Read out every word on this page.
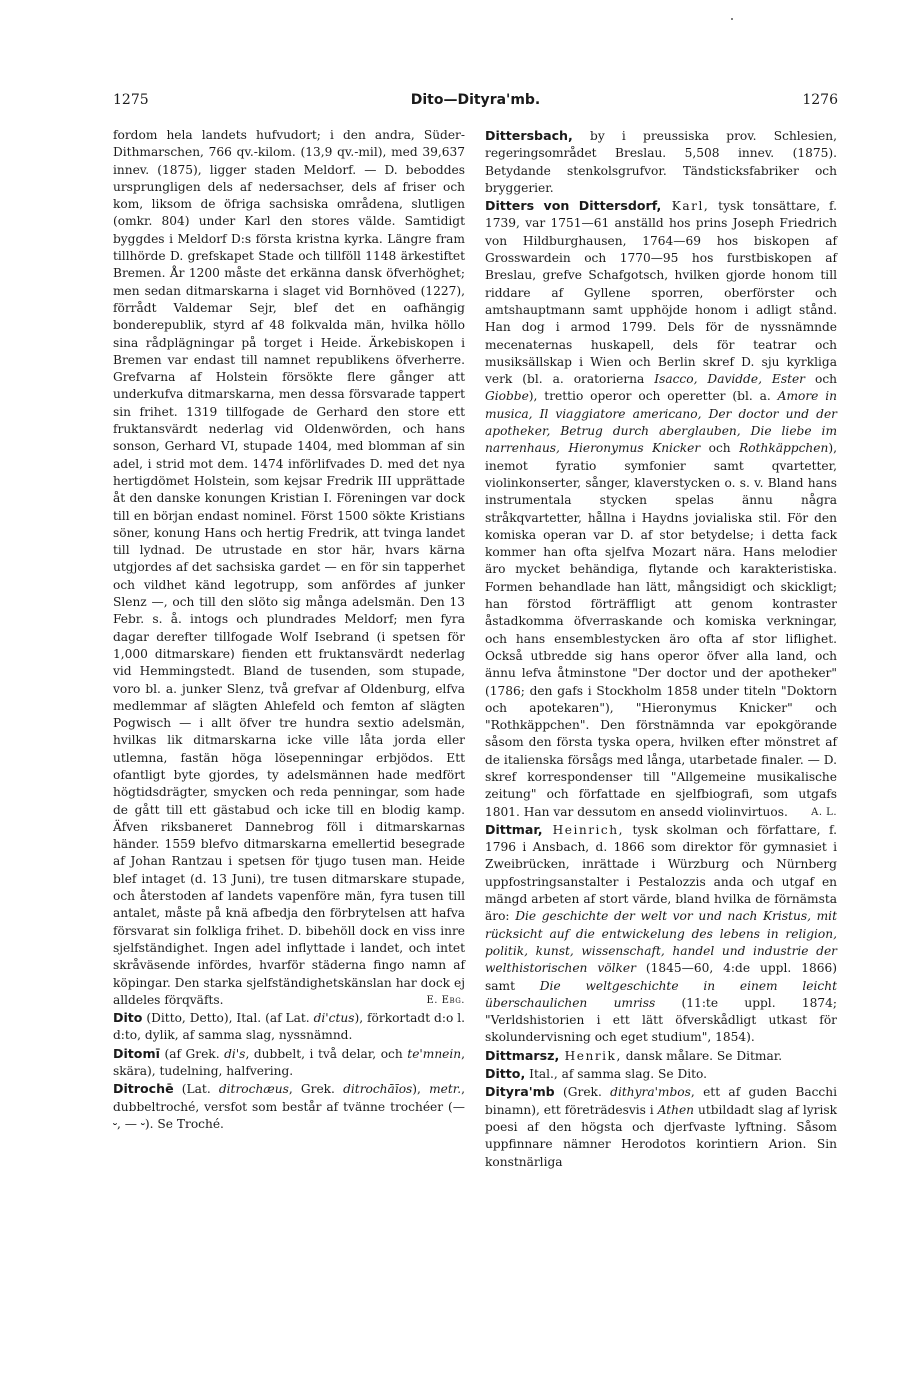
1275	Dito—Dityra'mb.	1276

fordom hela landets hufvudort; i den andra, Süder-Dithmarschen, 766 qv.-kilom. (13,9 qv.-mil), med 39,637 innev. (1875), ligger staden Meldorf. — D. beboddes ursprungligen dels af nedersachser, dels af friser och kom, liksom de öfriga sachsiska områdena, slutligen (omkr. 804) under Karl den stores välde. Samtidigt byggdes i Meldorf D:s första kristna kyrka. Längre fram tillhörde D. grefskapet Stade och tillföll 1148 ärkestiftet Bremen. År 1200 måste det erkänna dansk öfverhöghet; men sedan ditmarskarna i slaget vid Bornhöved (1227), förrådt Valdemar Sejr, blef det en oafhängig bonderepublik, styrd af 48 folkvalda män, hvilka höllo sina rådplägningar på torget i Heide. Ärkebiskopen i Bremen var endast till namnet republikens öfverherre. Grefvarna af Holstein försökte flere gånger att underkufva ditmarskarna, men dessa försvarade tappert sin frihet. 1319 tillfogade de Gerhard den store ett fruktansvärdt nederlag vid Oldenwörden, och hans sonson, Gerhard VI, stupade 1404, med blomman af sin adel, i strid mot dem. 1474 införlifvades D. med det nya hertigdömet Holstein, som kejsar Fredrik III upprättade åt den danske konungen Kristian I. Föreningen var dock till en början endast nominel. Först 1500 sökte Kristians söner, konung Hans och hertig Fredrik, att tvinga landet till lydnad. De utrustade en stor här, hvars kärna utgjordes af det sachsiska gardet — en för sin tapperhet och vildhet känd legotrupp, som anfördes af junker Slenz —, och till den slöto sig många adelsmän. Den 13 Febr. s. å. intogs och plundrades Meldorf; men fyra dagar derefter tillfogade Wolf Isebrand (i spetsen för 1,000 ditmarskare) fienden ett fruktansvärdt nederlag vid Hemmingstedt. Bland de tusenden, som stupade, voro bl. a. junker Slenz, två grefvar af Oldenburg, elfva medlemmar af slägten Ahlefeld och femton af slägten Pogwisch — i allt öfver tre hundra sextio adelsmän, hvilkas lik ditmarskarna icke ville låta jorda eller utlemna, fastän höga lösepenningar erbjödos. Ett ofantligt byte gjordes, ty adelsmännen hade medfört högtidsdrägter, smycken och reda penningar, som hade de gått till ett gästabud och icke till en blodig kamp. Äfven riksbaneret Dannebrog föll i ditmarskarnas händer. 1559 blefvo ditmarskarna emellertid besegrade af Johan Rantzau i spetsen för tjugo tusen man. Heide blef intaget (d. 13 Juni), tre tusen ditmarskare stupade, och återstoden af landets vapenföre män, fyra tusen till antalet, måste på knä afbedja den förbrytelsen att hafva försvarat sin folkliga frihet. D. bibehöll dock en viss inre sjelfständighet. Ingen adel inflyttade i landet, och intet skråväsende infördes, hvarför städerna fingo namn af köpingar. Den starka sjelfständighetskänslan har dock ej alldeles förqväfts.	E. Ebg.

Dito (Ditto, Detto), Ital. (af Lat. di'ctus), förkortadt d:o l. d:to, dylik, af samma slag, nyssnämnd.

Ditomī (af Grek. di's, dubbelt, i två delar, och te'mnein, skära), tudelning, halfvering.

Ditrochē (Lat. ditrochæus, Grek. ditrochāīos), metr., dubbeltroché, versfot som består af tvänne trochéer (— ⏑, — ⏑). Se Troché.

Dittersbach, by i preussiska prov. Schlesien, regeringsområdet Breslau. 5,508 innev. (1875). Betydande stenkolsgrufvor. Tändsticksfabriker och bryggerier.

Ditters von Dittersdorf, Karl, tysk tonsättare, f. 1739, var 1751—61 anställd hos prins Joseph Friedrich von Hildburghausen, 1764—69 hos biskopen af Grosswardein och 1770—95 hos furstbiskopen af Breslau, grefve Schafgotsch, hvilken gjorde honom till riddare af Gyllene sporren, oberförster och amtshauptmann samt upphöjde honom i adligt stånd. Han dog i armod 1799. Dels för de nyssnämnde mecenaternas huskapell, dels för teatrar och musiksällskap i Wien och Berlin skref D. sju kyrkliga verk (bl. a. oratorierna Isacco, Davidde, Ester och Giobbe), trettio operor och operetter (bl. a. Amore in musica, Il viaggiatore americano, Der doctor und der apotheker, Betrug durch aberglauben, Die liebe im narrenhaus, Hieronymus Knicker och Rothkäppchen), inemot fyratio symfonier samt qvartetter, violinkonserter, sånger, klaverstycken o. s. v. Bland hans instrumentala stycken spelas ännu några stråkqvartetter, hållna i Haydns jovialiska stil. För den komiska operan var D. af stor betydelse; i detta fack kommer han ofta sjelfva Mozart nära. Hans melodier äro mycket behändiga, flytande och karakteristiska. Formen behandlade han lätt, mångsidigt och skickligt; han förstod förträffligt att genom kontraster åstadkomma öfverraskande och komiska verkningar, och hans ensemblestycken äro ofta af stor liflighet. Också utbredde sig hans operor öfver alla land, och ännu lefva åtminstone "Der doctor und der apotheker" (1786; den gafs i Stockholm 1858 under titeln "Doktorn och apotekaren"), "Hieronymus Knicker" och "Rothkäppchen". Den förstnämnda var epokgörande såsom den första tyska opera, hvilken efter mönstret af de italienska försågs med långa, utarbetade finaler. — D. skref korrespondenser till "Allgemeine musikalische zeitung" och författade en sjelfbiografi, som utgafs 1801. Han var dessutom en ansedd violinvirtuos. A. L.

Dittmar, Heinrich, tysk skolman och författare, f. 1796 i Ansbach, d. 1866 som direktor för gymnasiet i Zweibrücken, inrättade i Würzburg och Nürnberg uppfostringsanstalter i Pestalozzis anda och utgaf en mängd arbeten af stort värde, bland hvilka de förnämsta äro: Die geschichte der welt vor und nach Kristus, mit rücksicht auf die entwickelung des lebens in religion, politik, kunst, wissenschaft, handel und industrie der welthistorischen völker (1845—60, 4:de uppl. 1866) samt Die weltgeschichte in einem leicht überschaulichen umriss (11:te uppl. 1874; "Verldshistorien i ett lätt öfverskådligt utkast för skolundervisning och eget studium", 1854).

Dittmarsz, Henrik, dansk målare. Se Ditmar.

Ditto, Ital., af samma slag. Se Dito.

Dityra'mb (Grek. dithyra'mbos, ett af guden Bacchi binamn), ett företrädesvis i Athen utbildadt slag af lyrisk poesi af den högsta och djerfvaste lyftning. Såsom uppfinnare nämner Herodotos korintiern Arion. Sin konstnärliga
